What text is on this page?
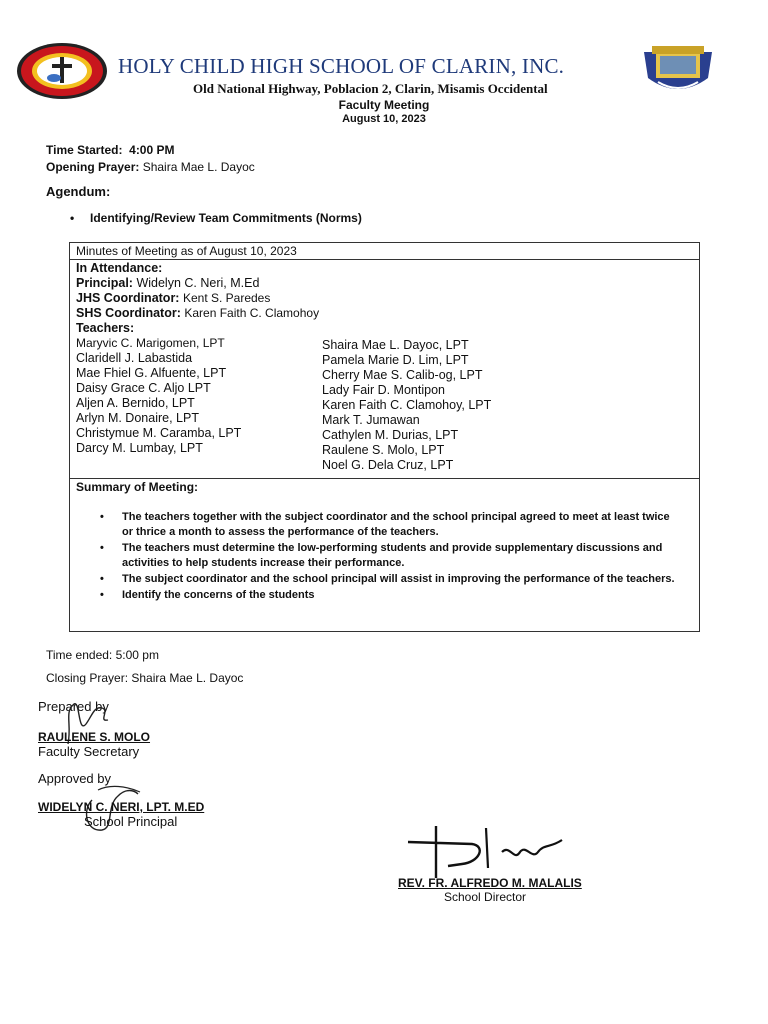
HOLY CHILD HIGH SCHOOL OF CLARIN, INC.
Old National Highway, Poblacion 2, Clarin, Misamis Occidental
Faculty Meeting
August 10, 2023
Time Started: 4:00 PM
Opening Prayer: Shaira Mae L. Dayoc
Agendum:
• Identifying/Review Team Commitments (Norms)
Minutes of Meeting as of August 10, 2023
In Attendance:
Principal: Widelyn C. Neri, M.Ed
JHS Coordinator: Kent S. Paredes
SHS Coordinator: Karen Faith C. Clamohoy
Teachers:
Maryvic C. Marigomen, LPT
Claridell J. Labastida
Mae Fhiel G. Alfuente, LPT
Daisy Grace C. Aljo LPT
Aljen A. Bernido, LPT
Arlyn M. Donaire, LPT
Christymue M. Caramba, LPT
Darcy M. Lumbay, LPT
Shaira Mae L. Dayoc, LPT
Pamela Marie D. Lim, LPT
Cherry Mae S. Calib-og, LPT
Lady Fair D. Montipon
Karen Faith C. Clamohoy, LPT
Mark T. Jumawan
Cathylen M. Durias, LPT
Raulene S. Molo, LPT
Noel G. Dela Cruz, LPT
Summary of Meeting:
• The teachers together with the subject coordinator and the school principal agreed to meet at least twice or thrice a month to assess the performance of the teachers.
• The teachers must determine the low-performing students and provide supplementary discussions and activities to help students increase their performance.
• The subject coordinator and the school principal will assist in improving the performance of the teachers.
• Identify the concerns of the students
Time ended: 5:00 pm
Closing Prayer: Shaira Mae L. Dayoc
Prepared by
RAULENE S. MOLO
Faculty Secretary
Approved by
WIDELYN C. NERI, LPT. M.ED
School Principal
REV. FR. ALFREDO M. MALALIS
School Director
